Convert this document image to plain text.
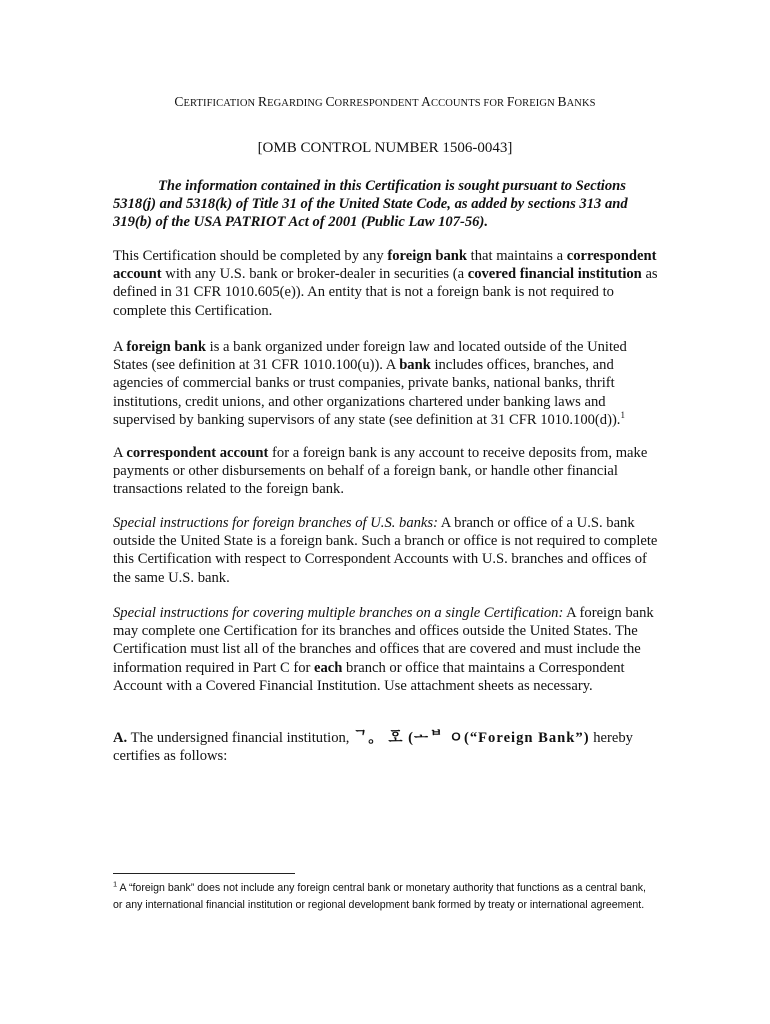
CERTIFICATION REGARDING CORRESPONDENT ACCOUNTS FOR FOREIGN BANKS
[OMB CONTROL NUMBER 1506-0043]
The information contained in this Certification is sought pursuant to Sections 5318(j) and 5318(k) of Title 31 of the United State Code, as added by sections 313 and 319(b) of the USA PATRIOT Act of 2001 (Public Law 107-56).
This Certification should be completed by any foreign bank that maintains a correspondent account with any U.S. bank or broker-dealer in securities (a covered financial institution as defined in 31 CFR 1010.605(e)). An entity that is not a foreign bank is not required to complete this Certification.
A foreign bank is a bank organized under foreign law and located outside of the United States (see definition at 31 CFR 1010.100(u)). A bank includes offices, branches, and agencies of commercial banks or trust companies, private banks, national banks, thrift institutions, credit unions, and other organizations chartered under banking laws and supervised by banking supervisors of any state (see definition at 31 CFR 1010.100(d)).$^1$
A correspondent account for a foreign bank is any account to receive deposits from, make payments or other disbursements on behalf of a foreign bank, or handle other financial transactions related to the foreign bank.
Special instructions for foreign branches of U.S. banks: A branch or office of a U.S. bank outside the United State is a foreign bank. Such a branch or office is not required to complete this Certification with respect to Correspondent Accounts with U.S. branches and offices of the same U.S. bank.
Special instructions for covering multiple branches on a single Certification: A foreign bank may complete one Certification for its branches and offices outside the United States. The Certification must list all of the branches and offices that are covered and must include the information required in Part C for each branch or office that maintains a Correspondent Account with a Covered Financial Institution. Use attachment sheets as necessary.
A. The undersigned financial institution, ᄀ。 ᅙᅩ (ᅩᄇ ㅇ(“Foreign Bank”) hereby certifies as follows:
$^1$ A “foreign bank” does not include any foreign central bank or monetary authority that functions as a central bank, or any international financial institution or regional development bank formed by treaty or international agreement.
